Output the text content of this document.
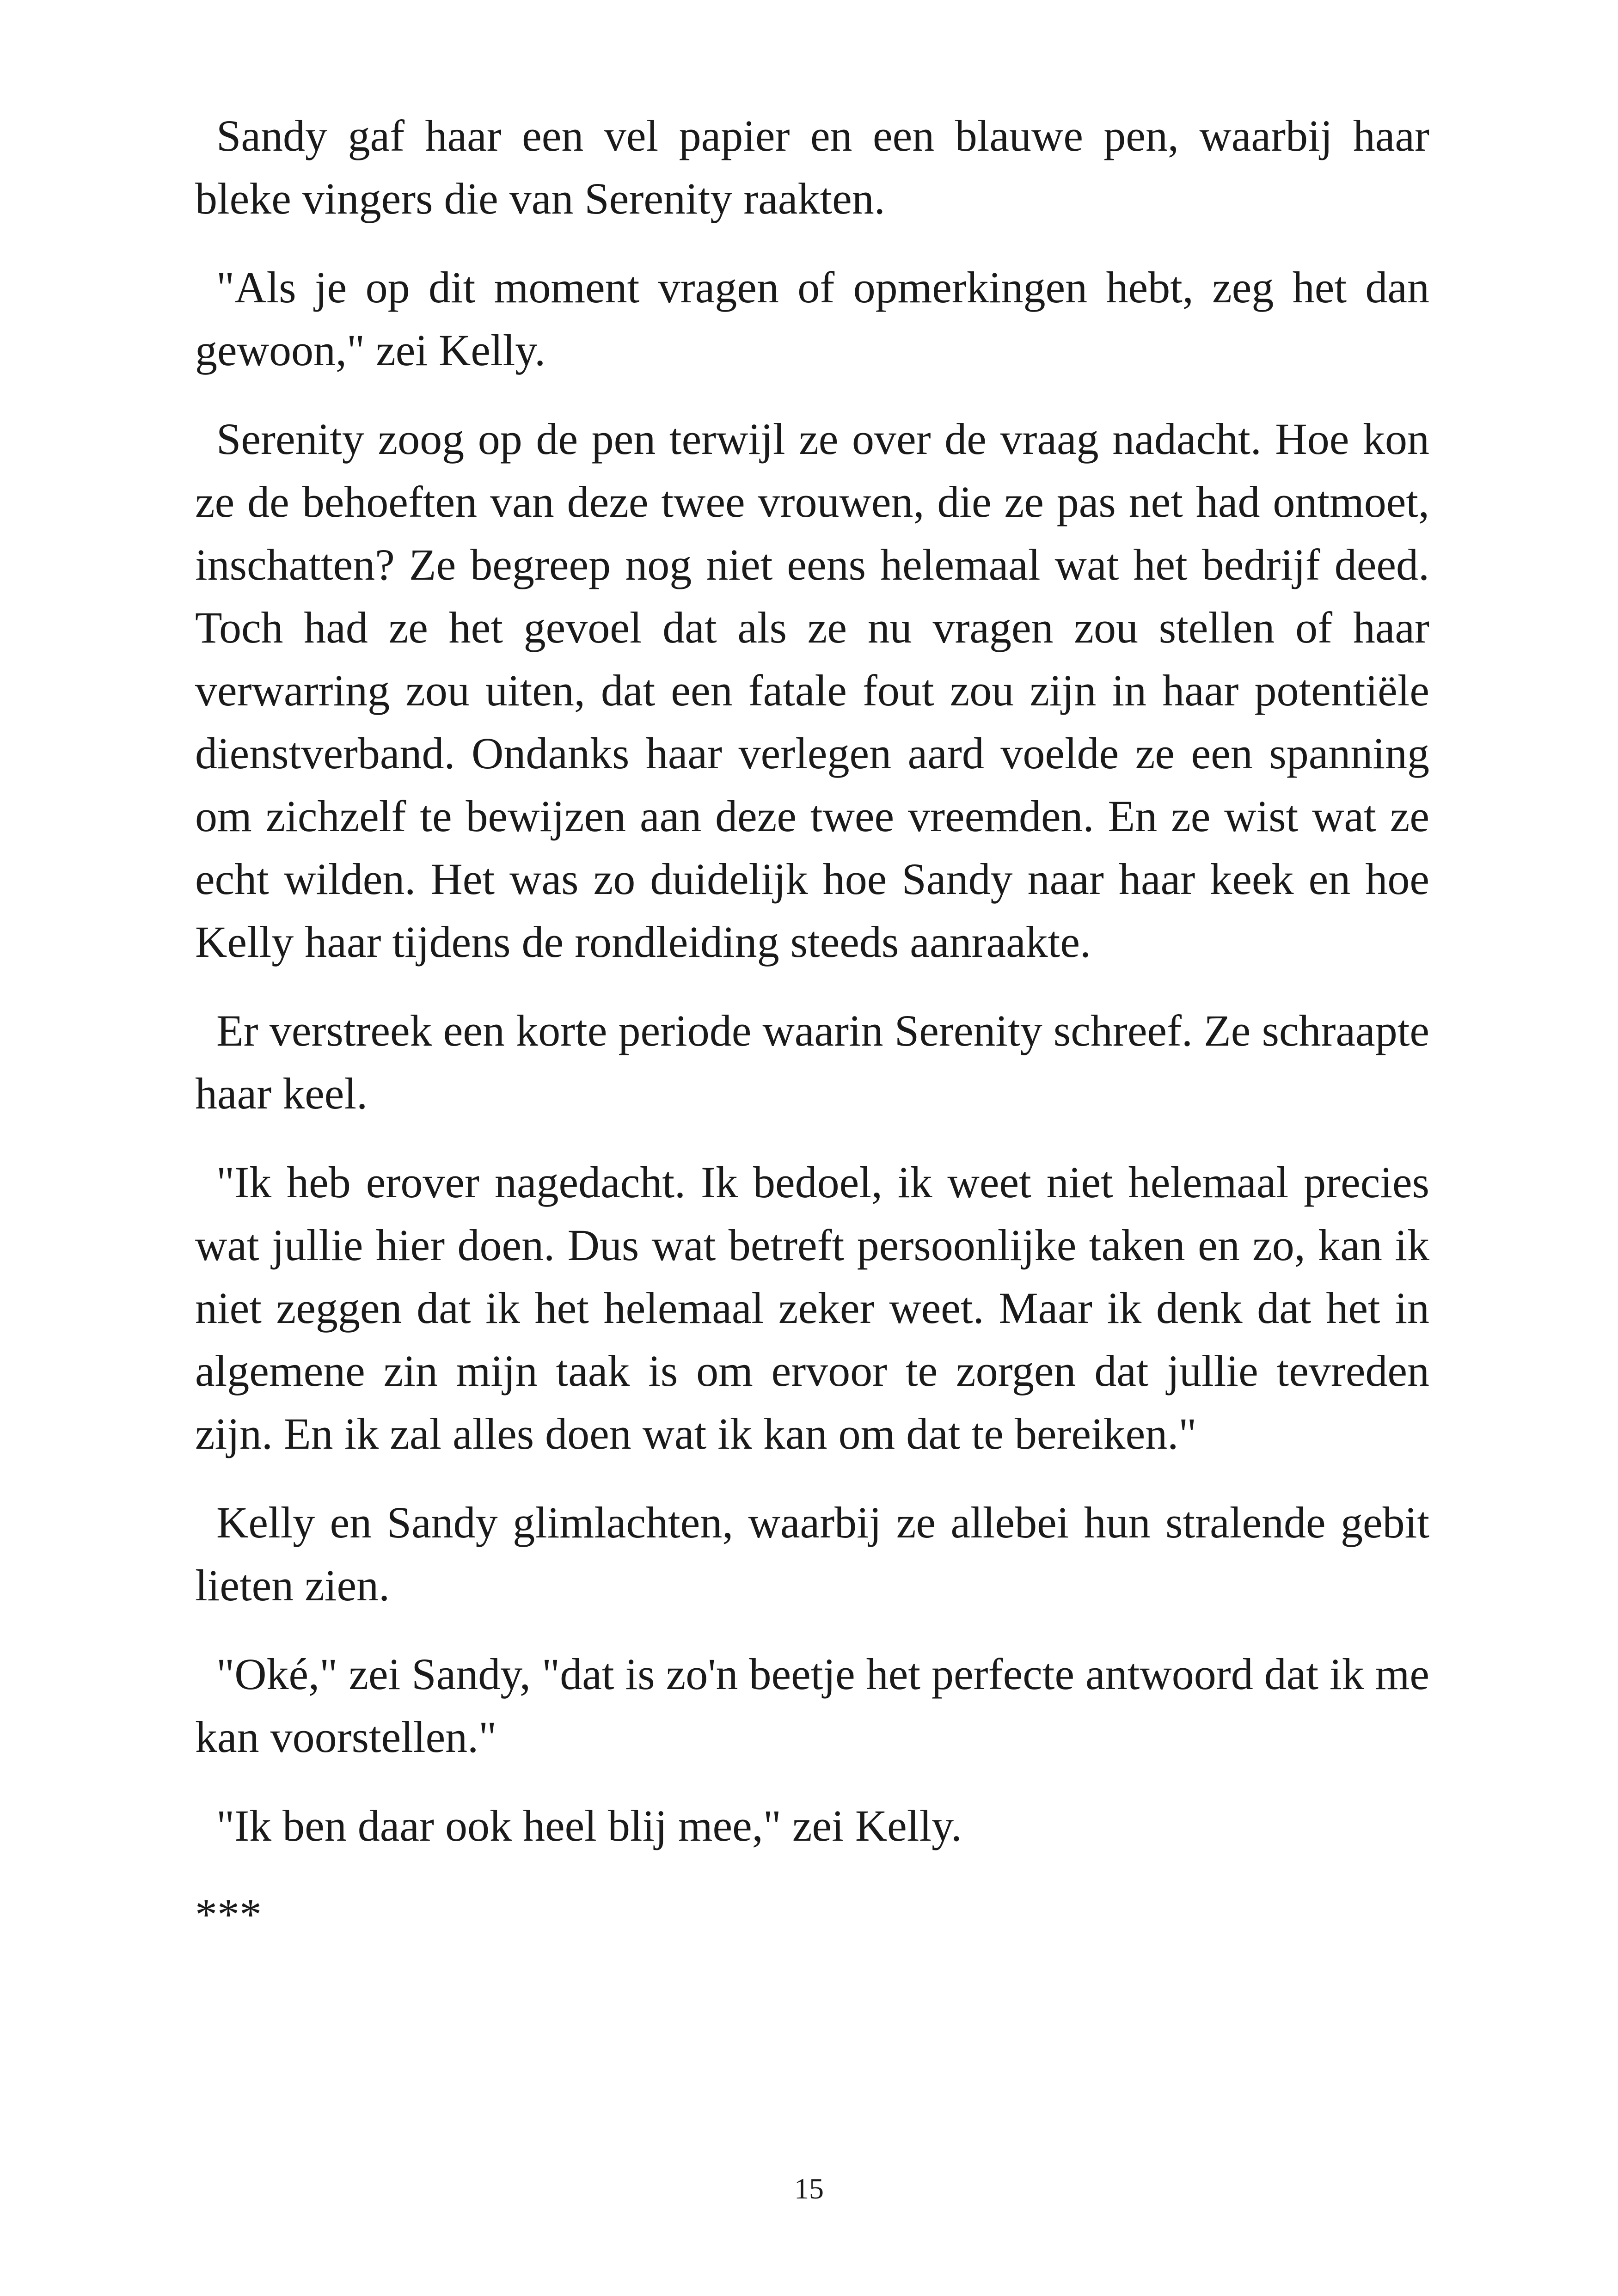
Sandy gaf haar een vel papier en een blauwe pen, waarbij haar bleke vingers die van Serenity raakten.

"Als je op dit moment vragen of opmerkingen hebt, zeg het dan gewoon," zei Kelly.

Serenity zoog op de pen terwijl ze over de vraag nadacht. Hoe kon ze de behoeften van deze twee vrouwen, die ze pas net had ontmoet, inschatten? Ze begreep nog niet eens helemaal wat het bedrijf deed. Toch had ze het gevoel dat als ze nu vragen zou stellen of haar verwarring zou uiten, dat een fatale fout zou zijn in haar potentiële dienstverband. Ondanks haar verlegen aard voelde ze een spanning om zichzelf te bewijzen aan deze twee vreemden. En ze wist wat ze echt wilden. Het was zo duidelijk hoe Sandy naar haar keek en hoe Kelly haar tijdens de rondleiding steeds aanraakte.

Er verstreek een korte periode waarin Serenity schreef. Ze schraapte haar keel.

"Ik heb erover nagedacht. Ik bedoel, ik weet niet helemaal precies wat jullie hier doen. Dus wat betreft persoonlijke taken en zo, kan ik niet zeggen dat ik het helemaal zeker weet. Maar ik denk dat het in algemene zin mijn taak is om ervoor te zorgen dat jullie tevreden zijn. En ik zal alles doen wat ik kan om dat te bereiken."

Kelly en Sandy glimlachten, waarbij ze allebei hun stralende gebit lieten zien.

"Oké," zei Sandy, "dat is zo'n beetje het perfecte antwoord dat ik me kan voorstellen."

"Ik ben daar ook heel blij mee," zei Kelly.

***

15
